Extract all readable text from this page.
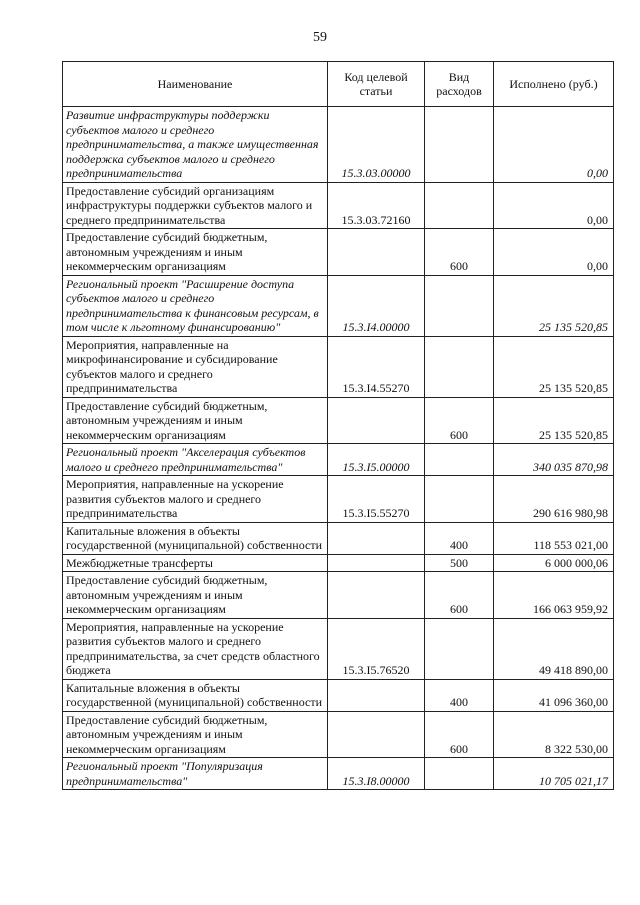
59
Наименование	Код целевой статьи	Вид расходов	Исполнено (руб.)
Развитие инфраструктуры поддержки субъектов малого и среднего предпринимательства, а также имущественная поддержка субъектов малого и среднего предпринимательства	15.3.03.00000		0,00
Предоставление субсидий организациям инфраструктуры поддержки субъектов малого и среднего предпринимательства	15.3.03.72160		0,00
Предоставление субсидий бюджетным, автономным учреждениям и иным некоммерческим организациям		600	0,00
Региональный проект "Расширение доступа субъектов малого и среднего предпринимательства к финансовым ресурсам, в том числе к льготному финансированию"	15.3.I4.00000		25 135 520,85
Мероприятия, направленные на микрофинансирование и субсидирование субъектов малого и среднего предпринимательства	15.3.I4.55270		25 135 520,85
Предоставление субсидий бюджетным, автономным учреждениям и иным некоммерческим организациям		600	25 135 520,85
Региональный проект "Акселерация субъектов малого и среднего предпринимательства"	15.3.I5.00000		340 035 870,98
Мероприятия, направленные на ускорение развития субъектов малого и среднего предпринимательства	15.3.I5.55270		290 616 980,98
Капитальные вложения в объекты государственной (муниципальной) собственности		400	118 553 021,00
Межбюджетные трансферты		500	6 000 000,06
Предоставление субсидий бюджетным, автономным учреждениям и иным некоммерческим организациям		600	166 063 959,92
Мероприятия, направленные на ускорение развития субъектов малого и среднего предпринимательства, за счет средств областного бюджета	15.3.I5.76520		49 418 890,00
Капитальные вложения в объекты государственной (муниципальной) собственности		400	41 096 360,00
Предоставление субсидий бюджетным, автономным учреждениям и иным некоммерческим организациям		600	8 322 530,00
Региональный проект "Популяризация предпринимательства"	15.3.I8.00000		10 705 021,17
